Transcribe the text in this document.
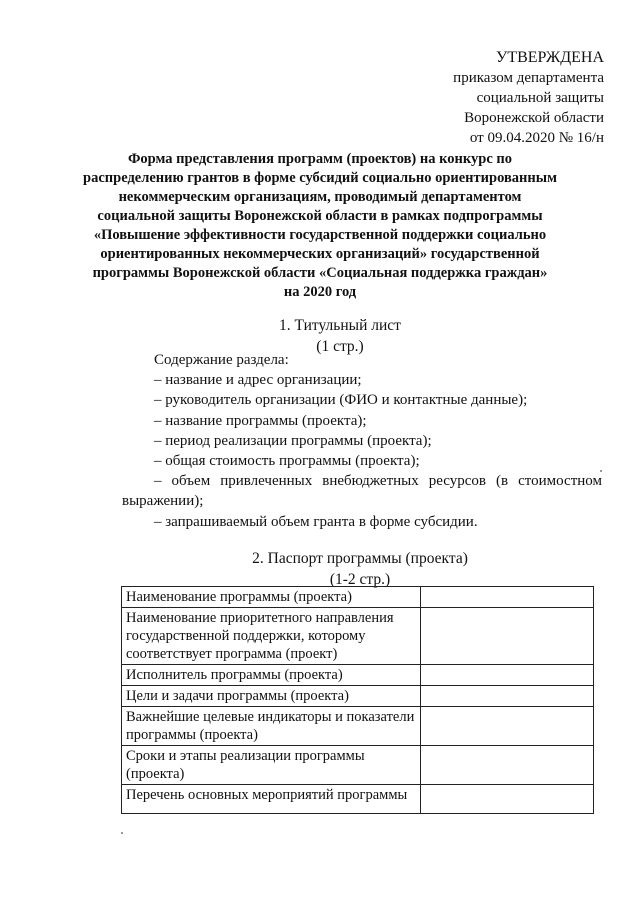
УТВЕРЖДЕНА
приказом департамента
социальной защиты
Воронежской области
от 09.04.2020 № 16/н
Форма представления программ (проектов) на конкурс по
распределению грантов в форме субсидий социально ориентированным
некоммерческим организациям, проводимый департаментом
социальной защиты Воронежской области в рамках подпрограммы
«Повышение эффективности государственной поддержки социально
ориентированных некоммерческих организаций» государственной
программы Воронежской области «Социальная поддержка граждан»
на 2020 год
1. Титульный лист
(1 стр.)
Содержание раздела:
– название и адрес организации;
– руководитель организации (ФИО и контактные данные);
– название программы (проекта);
– период реализации программы (проекта);
– общая стоимость программы (проекта);
– объем привлеченных внебюджетных ресурсов (в стоимостном
выражении);
– запрашиваемый объем гранта в форме субсидии.
2. Паспорт программы (проекта)
(1-2 стр.)
Наименование программы (проекта)	
Наименование приоритетного направления государственной поддержки, которому соответствует программа (проект)	
Исполнитель программы (проекта)	
Цели и задачи программы (проекта)	
Важнейшие целевые индикаторы и показатели программы (проекта)	
Сроки и этапы реализации программы (проекта)	
Перечень основных мероприятий программы	
